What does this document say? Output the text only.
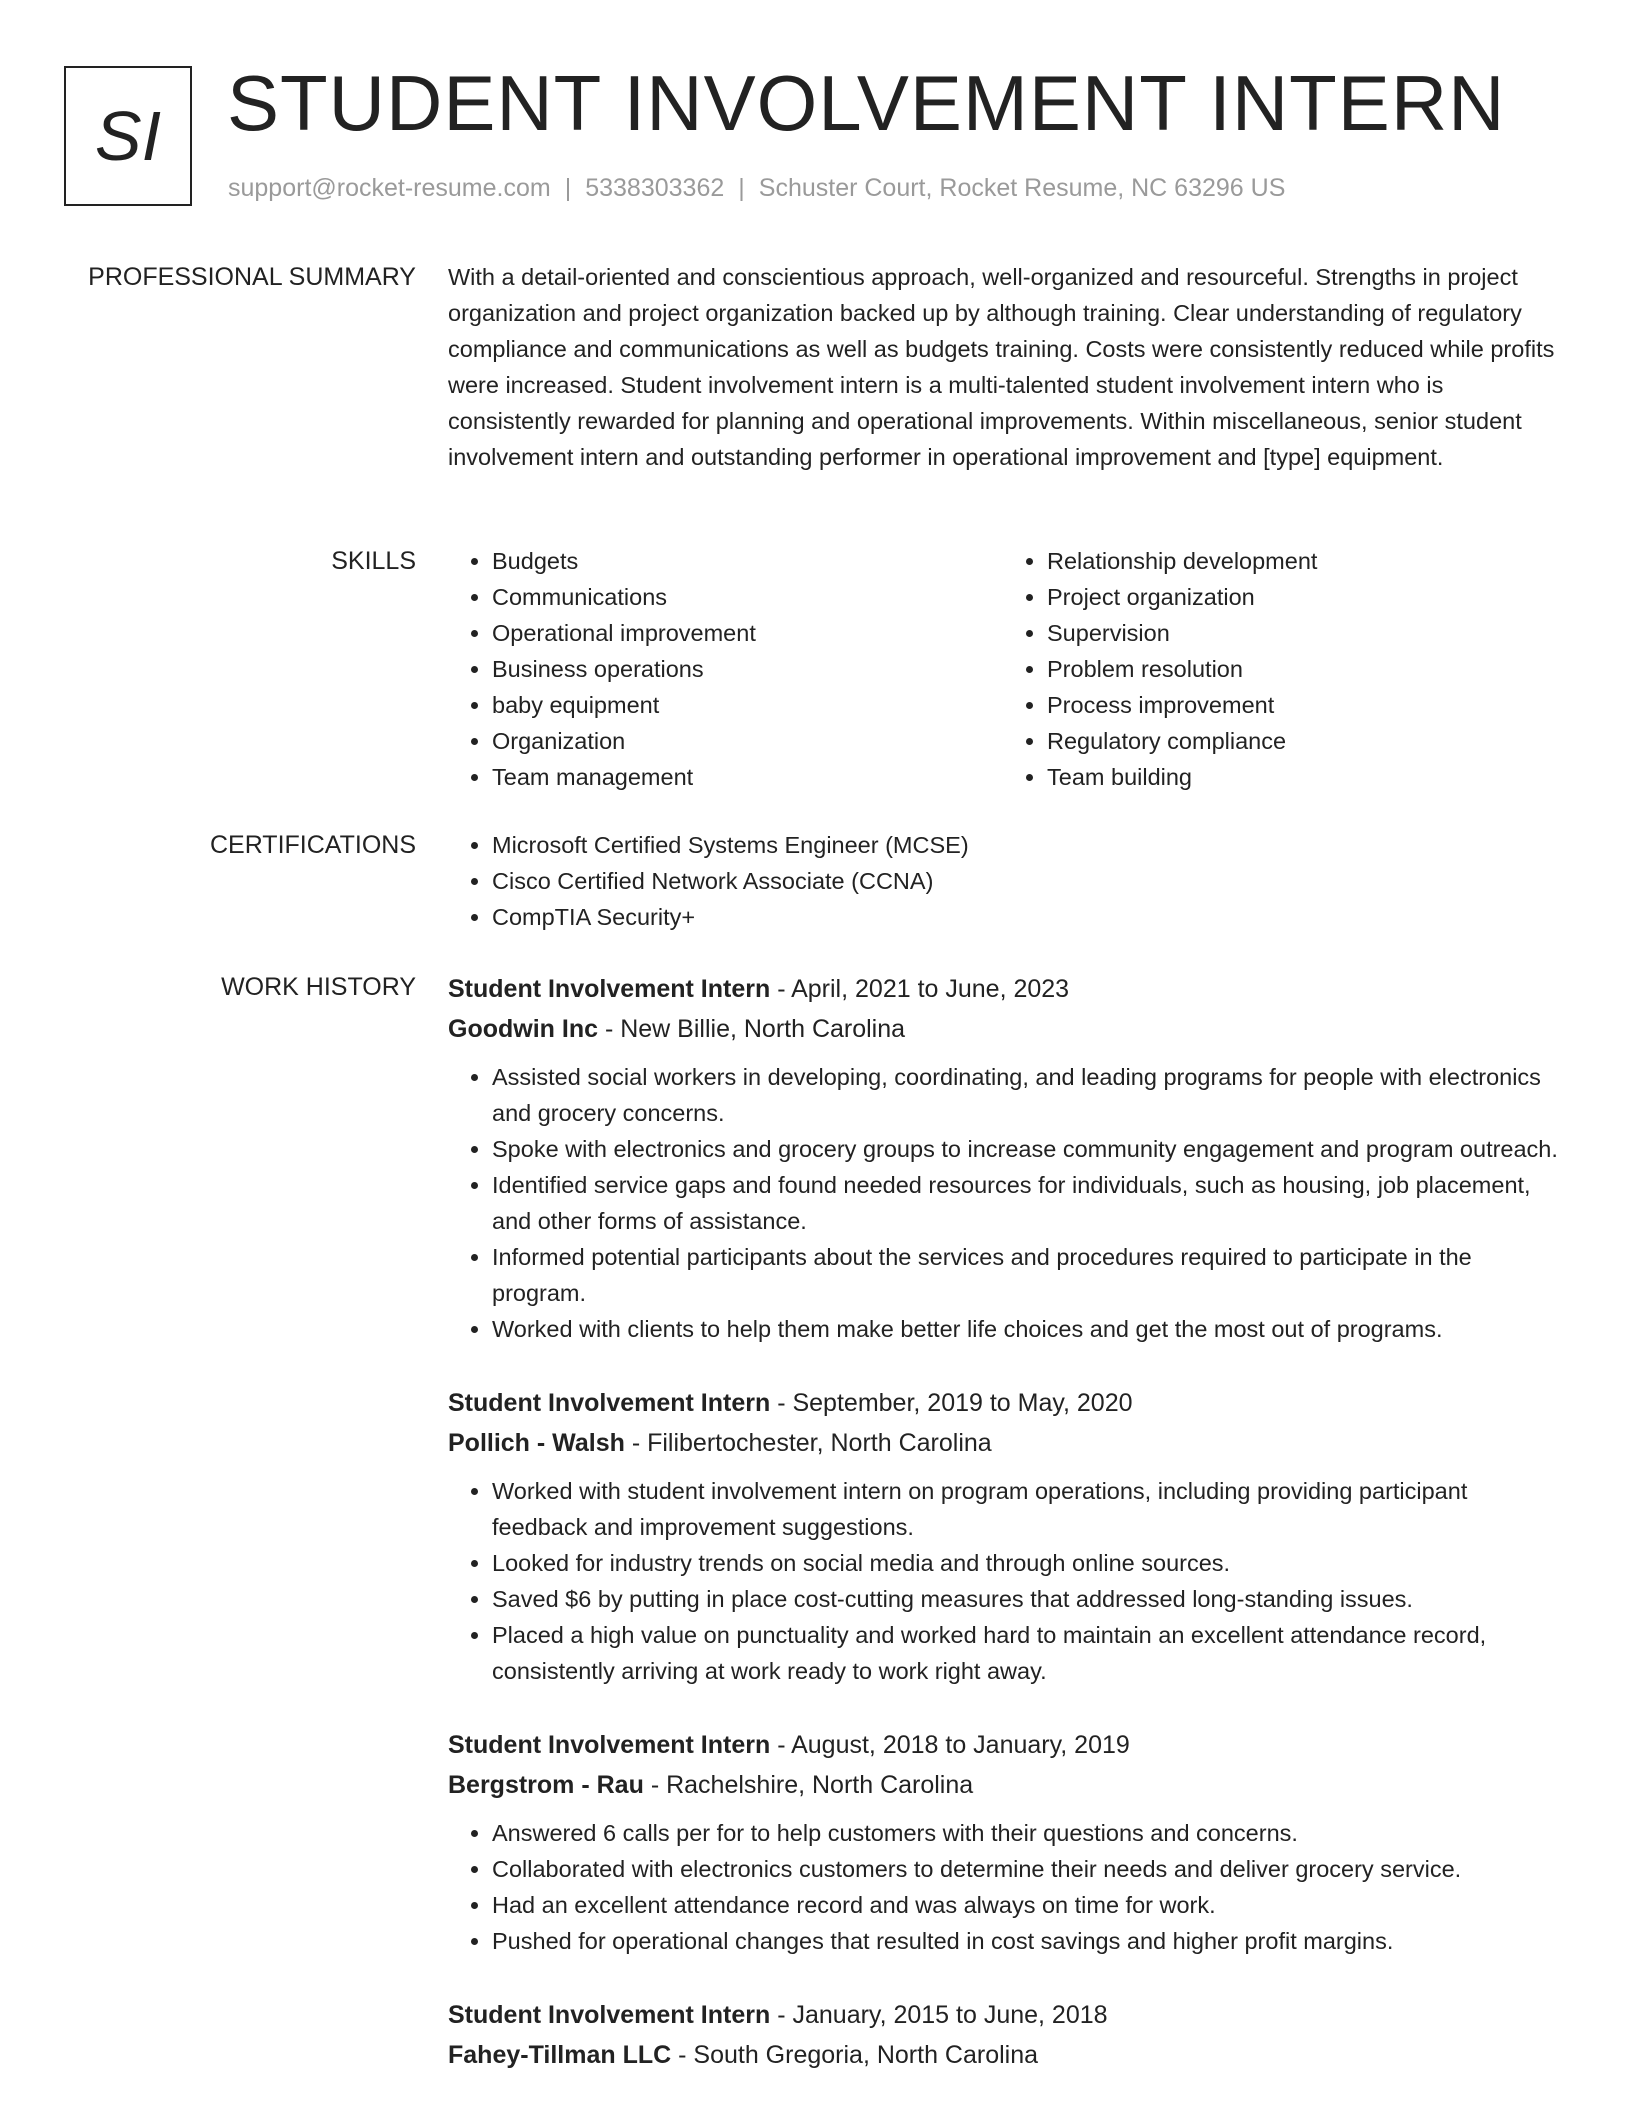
SI STUDENT INVOLVEMENT INTERN
support@rocket-resume.com | 5338303362 | Schuster Court, Rocket Resume, NC 63296 US
PROFESSIONAL SUMMARY With a detail-oriented and conscientious approach, well-organized and resourceful. Strengths in project organization and project organization backed up by although training. Clear understanding of regulatory compliance and communications as well as budgets training. Costs were consistently reduced while profits were increased. Student involvement intern is a multi-talented student involvement intern who is consistently rewarded for planning and operational improvements. Within miscellaneous, senior student involvement intern and outstanding performer in operational improvement and [type] equipment.
SKILLS	• Budgets
• Communications
• Operational improvement
• Business operations
• baby equipment
• Organization
• Team management
• Relationship development
• Project organization
• Supervision
• Problem resolution
• Process improvement
• Regulatory compliance
• Team building
CERTIFICATIONS	• Microsoft Certified Systems Engineer (MCSE)
• Cisco Certified Network Associate (CCNA)
• CompTIA Security+
WORK HISTORY Student Involvement Intern - April, 2021 to June, 2023
Goodwin Inc - New Billie, North Carolina
• Assisted social workers in developing, coordinating, and leading programs for people with electronics and grocery concerns.
• Spoke with electronics and grocery groups to increase community engagement and program outreach.
• Identified service gaps and found needed resources for individuals, such as housing, job placement, and other forms of assistance.
• Informed potential participants about the services and procedures required to participate in the program.
• Worked with clients to help them make better life choices and get the most out of programs.
Student Involvement Intern - September, 2019 to May, 2020
Pollich - Walsh - Filibertochester, North Carolina
• Worked with student involvement intern on program operations, including providing participant feedback and improvement suggestions.
• Looked for industry trends on social media and through online sources.
• Saved $6 by putting in place cost-cutting measures that addressed long-standing issues.
• Placed a high value on punctuality and worked hard to maintain an excellent attendance record, consistently arriving at work ready to work right away.
Student Involvement Intern - August, 2018 to January, 2019
Bergstrom - Rau - Rachelshire, North Carolina
• Answered 6 calls per for to help customers with their questions and concerns.
• Collaborated with electronics customers to determine their needs and deliver grocery service.
• Had an excellent attendance record and was always on time for work.
• Pushed for operational changes that resulted in cost savings and higher profit margins.
Student Involvement Intern - January, 2015 to June, 2018
Fahey-Tillman LLC - South Gregoria, North Carolina
